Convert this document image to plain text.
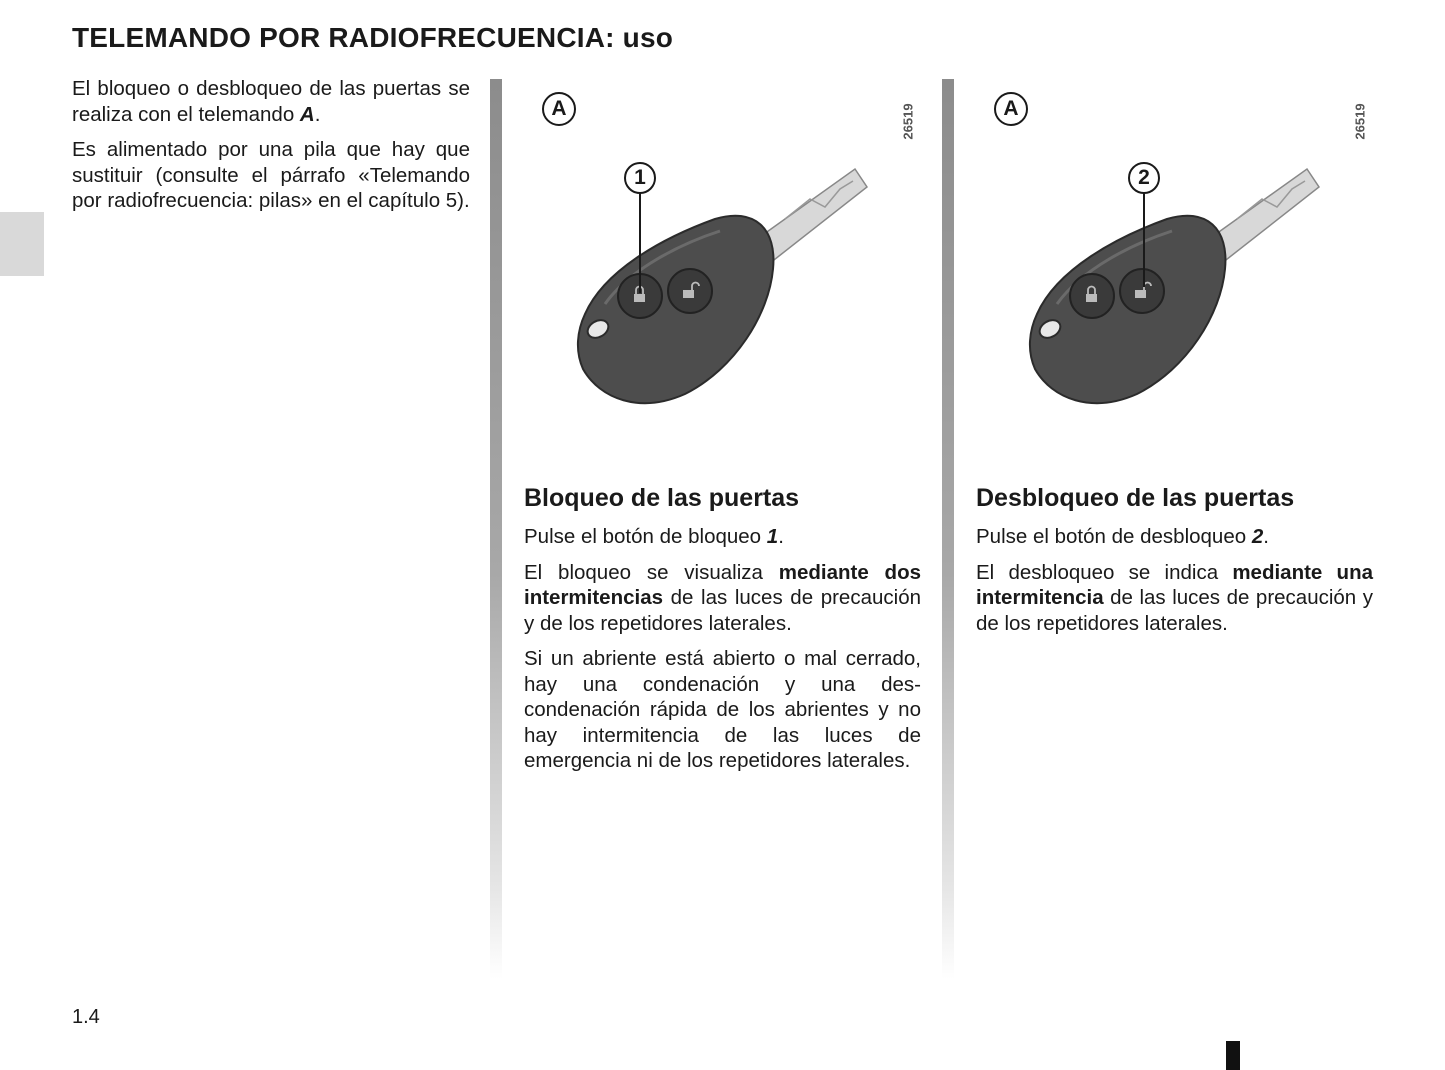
TELEMANDO POR RADIOFRECUENCIA: uso

El bloqueo o desbloqueo de las puertas se realiza con el telemando A.

Es alimentado por una pila que hay que sustituir (consulte el párrafo «Telemando por radiofrecuencia: pilas» en el capítulo 5).

A	26519
1
A	26519
2
Bloqueo de las puertas

Pulse el botón de bloqueo 1.

El bloqueo se visualiza mediante dos intermitencias de las luces de precaución y de los repetidores laterales.

Si un abriente está abierto o mal cerrado, hay una condenación y una descondenación rápida de los abrientes y no hay intermitencia de las luces de emergencia ni de los repetidores laterales.

Desbloqueo de las puertas

Pulse el botón de desbloqueo 2.

El desbloqueo se indica mediante una intermitencia de las luces de precaución y de los repetidores laterales.

1.4
